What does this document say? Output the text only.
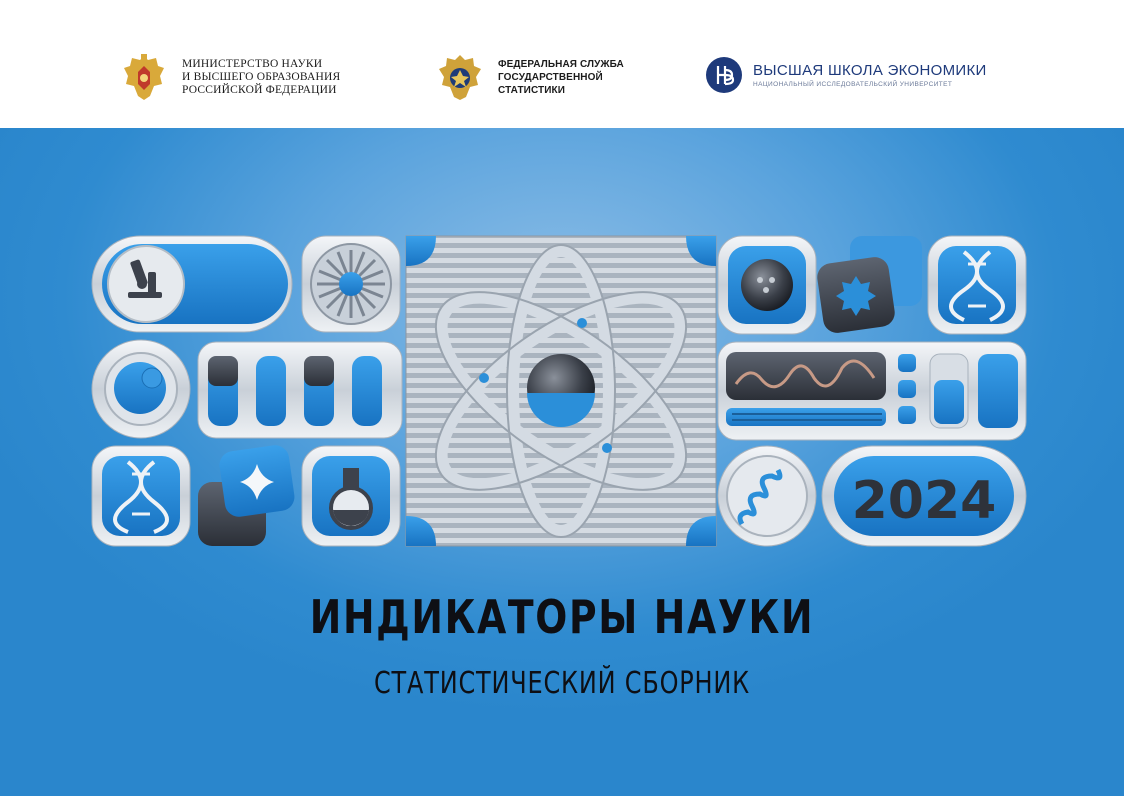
МИНИСТЕРСТВО НАУКИ
И ВЫСШЕГО ОБРАЗОВАНИЯ
РОССИЙСКОЙ ФЕДЕРАЦИИ
ФЕДЕРАЛЬНАЯ СЛУЖБА
ГОСУДАРСТВЕННОЙ
СТАТИСТИКИ
ВЫСШАЯ ШКОЛА ЭКОНОМИКИ
НАЦИОНАЛЬНЫЙ ИССЛЕДОВАТЕЛЬСКИЙ УНИВЕРСИТЕТ
2024
ИНДИКАТОРЫ НАУКИ
СТАТИСТИЧЕСКИЙ СБОРНИК
